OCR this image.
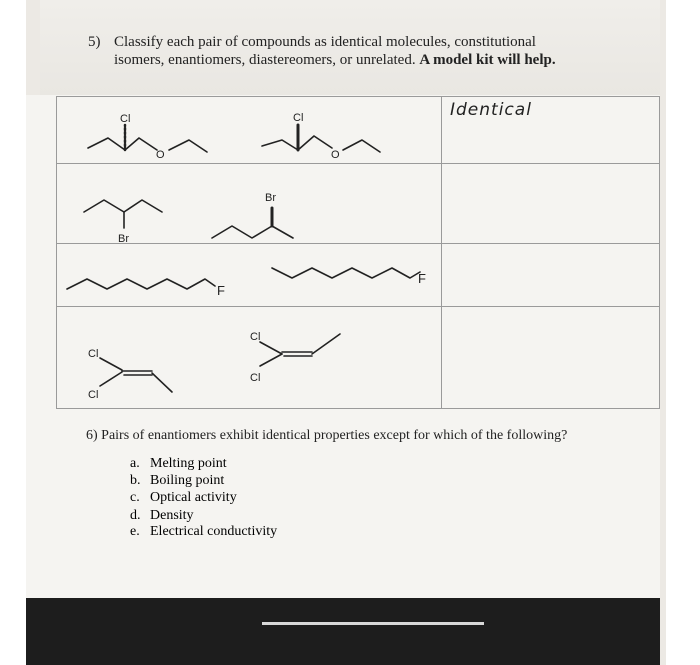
5) Classify each pair of compounds as identical molecules, constitutional
isomers, enantiomers, diastereomers, or unrelated. A model kit will help.
Identical
Cl
O
Cl
O
Br
Br
F
F
Cl
Cl
Cl
Cl
6) Pairs of enantiomers exhibit identical properties except for which of the following?
a. Melting point
b. Boiling point
c. Optical activity
d. Density
e. Electrical conductivity
